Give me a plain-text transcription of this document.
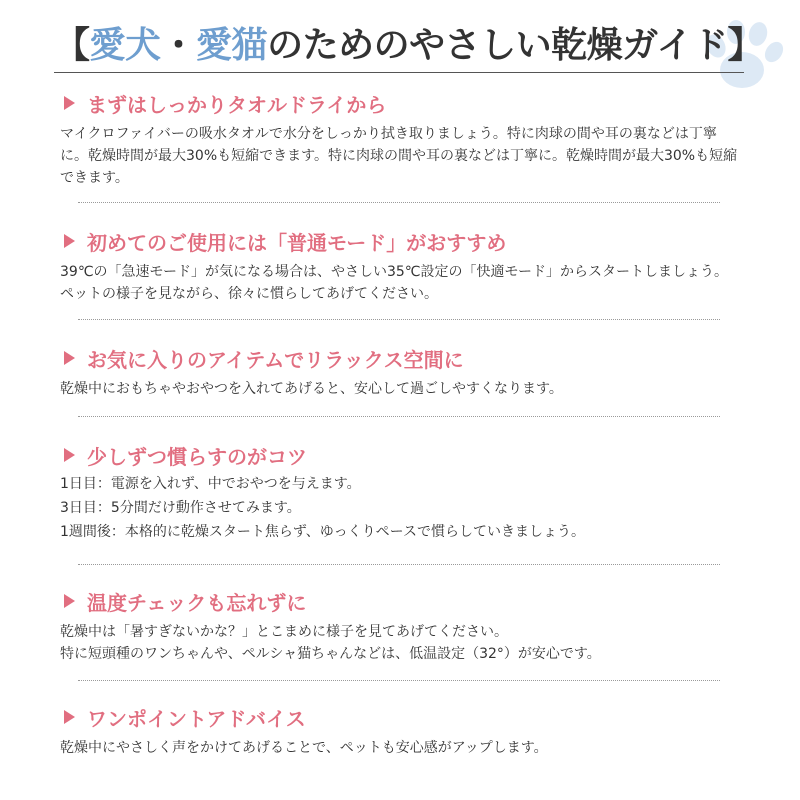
【愛犬・愛猫のためのやさしい乾燥ガイド】
まずはしっかりタオルドライから

マイクロファイバーの吸水タオルで水分をしっかり拭き取りましょう。特に肉球の間や耳の裏などは丁寧に。乾燥時間が最大30%も短縮できます。特に肉球の間や耳の裏などは丁寧に。乾燥時間が最大30%も短縮できます。

初めてのご使用には「普通モード」がおすすめ

39℃の「急速モード」が気になる場合は、やさしい35℃設定の「快適モード」からスタートしましょう。ペットの様子を見ながら、徐々に慣らしてあげてください。

お気に入りのアイテムでリラックス空間に

乾燥中におもちゃやおやつを入れてあげると、安心して過ごしやすくなります。

少しずつ慣らすのがコツ

1日目：電源を入れず、中でおやつを与えます。

3日目：5分間だけ動作させてみます。

1週間後：本格的に乾燥スタート焦らず、ゆっくりペースで慣らしていきましょう。

温度チェックも忘れずに

乾燥中は「暑すぎないかな？」とこまめに様子を見てあげてください。

特に短頭種のワンちゃんや、ペルシャ猫ちゃんなどは、低温設定（32°）が安心です。

ワンポイントアドバイス

乾燥中にやさしく声をかけてあげることで、ペットも安心感がアップします。
